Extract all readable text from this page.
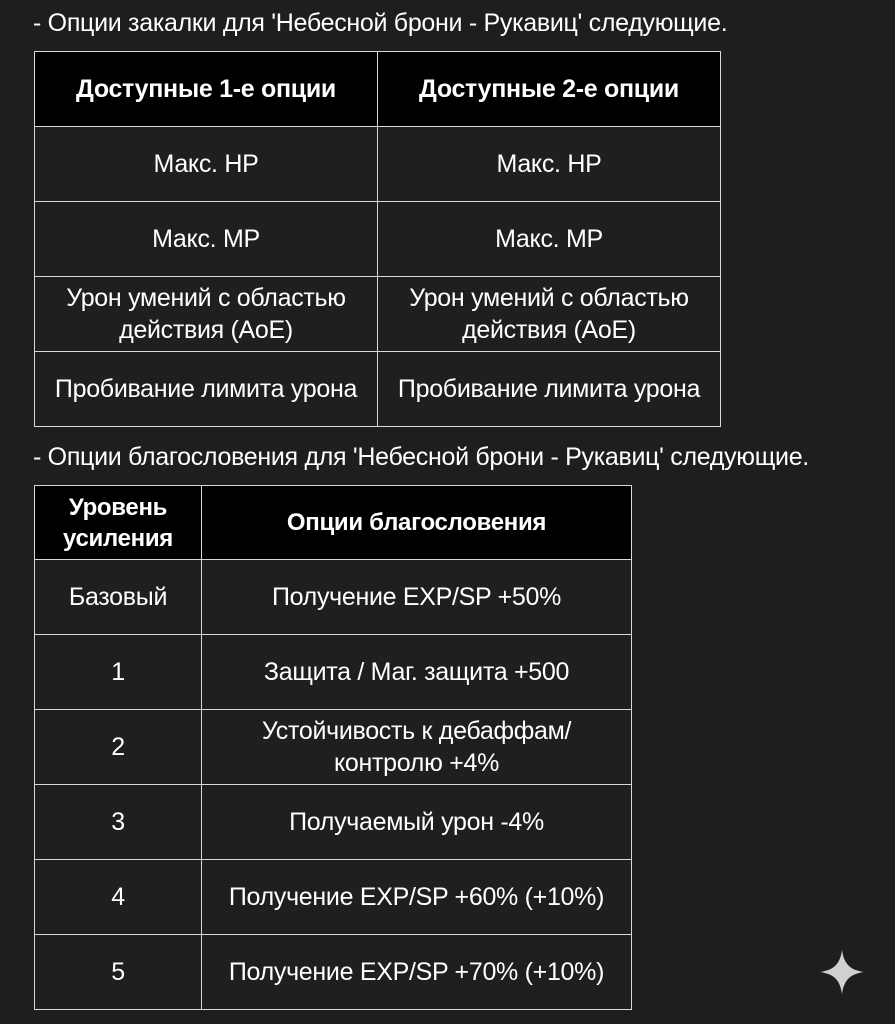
- Опции закалки для 'Небесной брони - Рукавиц' следующие.
Доступные 1-е опции	Доступные 2-е опции
Макс. HP	Макс. HP
Макс. MP	Макс. MP
Урон умений с областью действия (AoE)	Урон умений с областью действия (AoE)
Пробивание лимита урона	Пробивание лимита урона
- Опции благословения для 'Небесной брони - Рукавиц' следующие.
Уровень усиления	Опции благословения
Базовый	Получение EXP/SP +50%
1	Защита / Маг. защита +500
2	Устойчивость к дебаффам/ контролю +4%
3	Получаемый урон -4%
4	Получение EXP/SP +60% (+10%)
5	Получение EXP/SP +70% (+10%)
